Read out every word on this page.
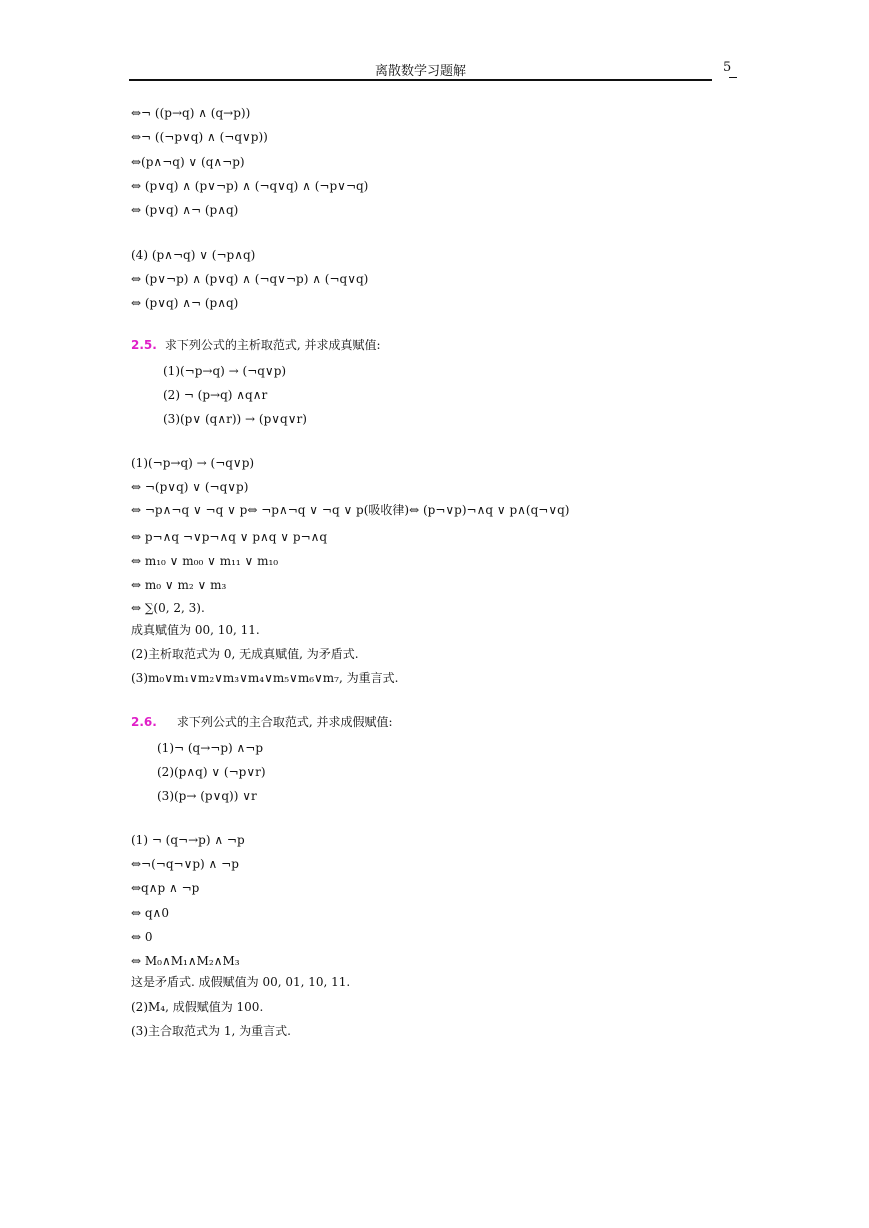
离散数学习题解	5
⇔¬ ((p→q) ∧ (q→p))
⇔¬ ((¬p∨q) ∧ (¬q∨p))
⇔(p∧¬q) ∨ (q∧¬p)
⇔ (p∨q) ∧ (p∨¬p) ∧ (¬q∨q) ∧ (¬p∨¬q)
⇔ (p∨q) ∧¬ (p∧q)
(4) (p∧¬q) ∨ (¬p∧q)
⇔ (p∨¬p) ∧ (p∨q) ∧ (¬q∨¬p) ∧ (¬q∨q)
⇔ (p∨q) ∧¬ (p∧q)
2.5. 求下列公式的主析取范式, 并求成真赋值:
(1)(¬p→q) → (¬q∨p)
(2) ¬ (p→q) ∧q∧r
(3)(p∨ (q∧r)) → (p∨q∨r)
(1)(¬p→q) → (¬q∨p)
⇔ ¬(p∨q) ∨ (¬q∨p)
⇔ ¬p∧¬q ∨ ¬q ∨ p⇔ ¬p∧¬q ∨ ¬q ∨ p(吸收律)⇔ (p¬∨p)¬∧q ∨ p∧(q¬∨q)
⇔ p¬∧q ¬∨p¬∧q ∨ p∧q ∨ p¬∧q
⇔ m₁₀ ∨ m₀₀ ∨ m₁₁ ∨ m₁₀
⇔ m₀ ∨ m₂ ∨ m₃
⇔ ∑(0, 2, 3).
成真赋值为 00, 10, 11.
(2)主析取范式为 0, 无成真赋值, 为矛盾式.
(3)m₀∨m₁∨m₂∨m₃∨m₄∨m₅∨m₆∨m₇, 为重言式.
2.6. 求下列公式的主合取范式, 并求成假赋值:
(1)¬ (q→¬p) ∧¬p
(2)(p∧q) ∨ (¬p∨r)
(3)(p→ (p∨q)) ∨r
(1) ¬ (q¬→p) ∧ ¬p
⇔¬(¬q¬∨p) ∧ ¬p
⇔q∧p ∧ ¬p
⇔ q∧0
⇔ 0
⇔ M₀∧M₁∧M₂∧M₃
这是矛盾式. 成假赋值为 00, 01, 10, 11.
(2)M₄, 成假赋值为 100.
(3)主合取范式为 1, 为重言式.
